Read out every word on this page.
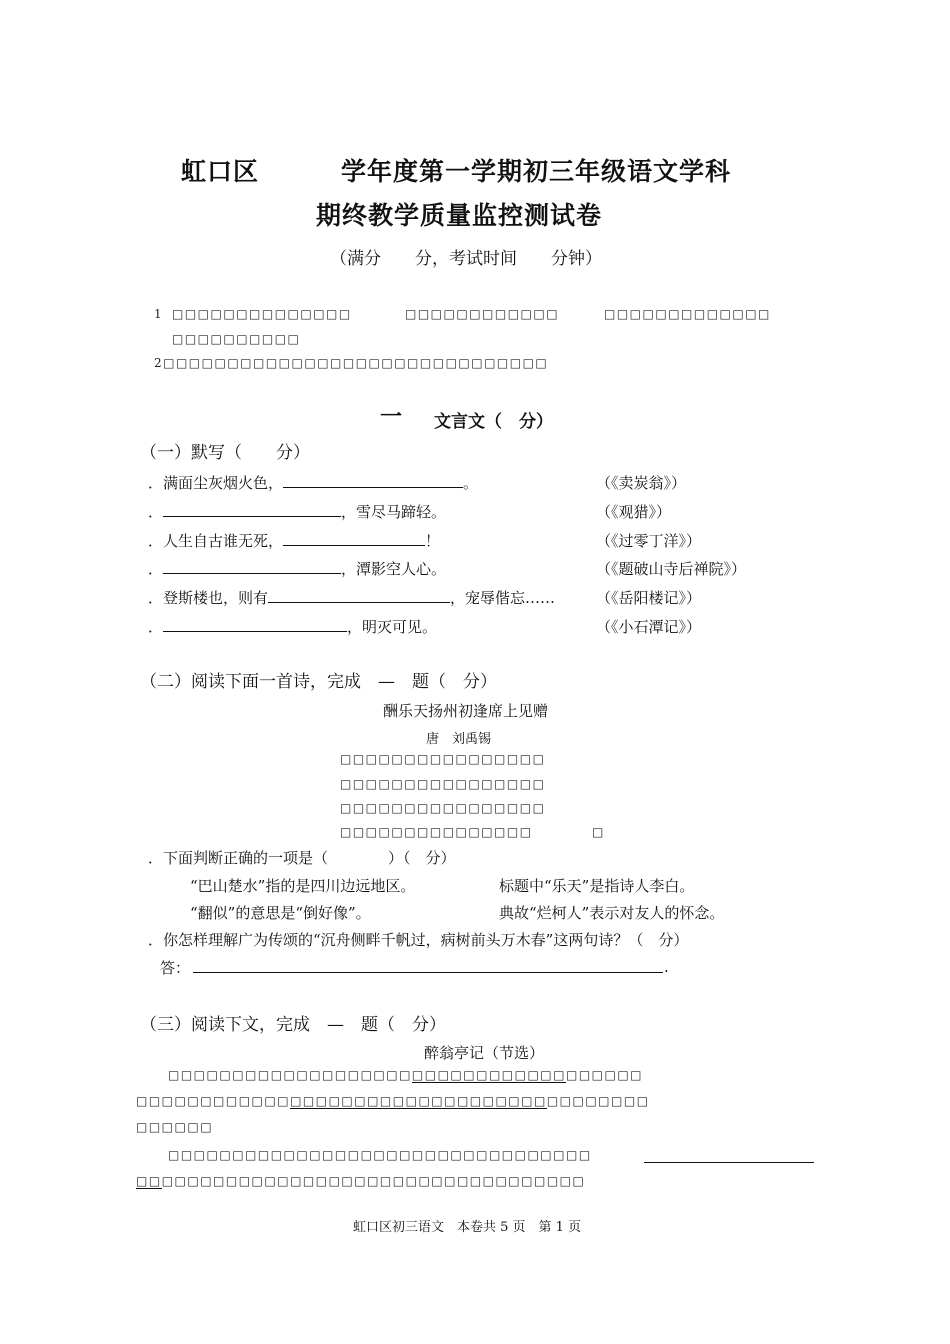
虹口区	学年度第一学期初三年级语文学科
期终教学质量监控测试卷
（满分　　分，考试时间　　分钟）
1 □□□□□□□□□□□□□□	□□□□□□□□□□□□	□□□□□□□□□□□□□
□□□□□□□□□□
2□□□□□□□□□□□□□□□□□□□□□□□□□□□□□□
一 文言文（　分）
（一）默写（　　分）
．满面尘灰烟火色，	。	（《卖炭翁》）
．	，雪尽马蹄轻。	（《观猎》）
．人生自古谁无死，	！	（《过零丁洋》）
．	，潭影空人心。	（《题破山寺后禅院》）
．登斯楼也，则有	，宠辱偕忘……	（《岳阳楼记》）
．	，明灭可见。	（《小石潭记》）
（二）阅读下面一首诗，完成　—　题（　分）
酬乐天扬州初逢席上见赠
唐　刘禹锡
□□□□□□□□□□□□□□□□
□□□□□□□□□□□□□□□□
□□□□□□□□□□□□□□□□
□□□□□□□□□□□□□□□	□
．下面判断正确的一项是（　　　　）（　分）
“巴山楚水”指的是四川边远地区。	标题中“乐天”是指诗人李白。
“翻似”的意思是“倒好像”。	典故“烂柯人”表示对友人的怀念。
．你怎样理解广为传颂的“沉舟侧畔千帆过，病树前头万木春”这两句诗？（　分）
答：	.
（三）阅读下文，完成　—　题（　分）
醉翁亭记（节选）
□□□□□□□□□□□□□□□□□□□□□□□□□□□□□□□□□□□□□
□□□□□□□□□□□□□□□□□□□□□□□□□□□□□□□□□□□□□□□□
□□□□□□
□□□□□□□□□□□□□□□□□□□□□□□□□□□□□□□□□
□□□□□□□□□□□□□□□□□□□□□□□□□□□□□□□□□□□
虹口区初三语文　本卷共 5 页　第 1 页
